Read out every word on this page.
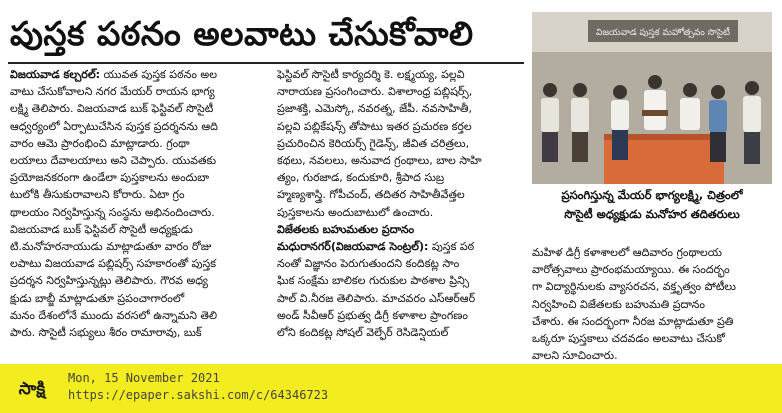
పుస్తక పఠనం అలవాటు చేసుకోవాలి
విజయవాడ కల్చరల్: యువత పుస్తక పఠనం అల
వాటు చేసుకోవాలని నగర మేయర్ రాయన భాగ్య
లక్ష్మి తెలిపారు. విజయవాడ బుక్ ఫెస్టివల్ సొసైటీ
ఆధ్వర్యంలో ఏర్పాటుచేసిన పుస్తక ప్రదర్శనను ఆది
వారం ఆమె ప్రారంభించి మాట్లాడారు. గ్రంథా
లయాలు దేవాలయాలు అని చెప్పారు. యువతకు
ప్రయోజనకరంగా ఉండేలా పుస్తకాలను అందుబా
టులోకి తీసుకురావాలని కోరారు. ఏటా గ్రం
థాలయం నిర్వహిస్తున్న సంస్థను అభినందించారు.
విజయవాడ బుక్ ఫెస్టివల్ సొసైటీ అధ్యక్షుడు
టి.మనోహరనాయుడు మాట్లాడుతూ వారం రోజు
లపాటు విజయవాడ పబ్లిషర్స్ సహకారంతో పుస్తక
ప్రదర్శన నిర్వహిస్తున్నట్లు తెలిపారు. గౌరవ అధ్య
క్షుడు బాబ్జీ మాట్లాడుతూ ప్రపంచాగారంలో
మనం దేశంలోనే ముందు వరసలో ఉన్నామని తెలి
పారు. సొసైటీ సభ్యులు శీరం రామారావు, బుక్
ఫెస్టివల్ సొసైటీ కార్యదర్శి కె. లక్ష్మయ్య, పల్లవి
నారాయణ ప్రసంగించారు. విశాలాంధ్ర పబ్లిషర్స్,
ప్రజాశక్తి, ఎమెస్కో, నవరత్న, జేపీ. నవసాహితీ,
పల్లవి పబ్లికేషన్స్ తోపాటు ఇతర ప్రచురణ కర్తల
ప్రచురించిన కెరియర్స్ గైడెన్స్, జీవిత చరిత్రలు,
కథలు, నవలలు, అనువాద గ్రంథాలు, బాల సాహి
త్యం, గురజాడ, కందుకూరి, శ్రీపాద సుబ్ర
హ్మణ్యశాస్త్రి. గోపీచంద్, తదితర సాహితీవేత్తల
పుస్తకాలను అందుబాటులో ఉంచారు.
విజేతలకు బహుమతుల ప్రదానం
మధురానగర్(విజయవాడ సెంట్రల్): పుస్తక పఠ
నంతో విజ్ఞానం పెరుగుతుందని కందికట్ల సాం
ఘిక సంక్షేమ బాలికల గురుకుల పాఠశాల ప్రిన్సి
పాల్ వి.నీరజ తెలిపారు. మాచవరం ఎస్ఆర్ఆర్
అండ్ సీవీఆర్ ప్రభుత్వ డిగ్రీ కళాశాల ప్రాంగణం
లోని కందికట్ల సోషల్ వెల్ఫేర్ రెసిడెన్షియల్
విజయవాడ పుస్తక మహోత్సవం సొసైటీ
ప్రసంగిస్తున్న మేయర్ భాగ్యలక్ష్మి, చిత్రంలో
సొసైటీ అధ్యక్షుడు మనోహర తదితరులు
మహిళ డిగ్రీ కళాశాలలో ఆదివారం గ్రంథాలయ
వారోత్సవాలు ప్రారంభమయ్యాయి. ఈ సందర్భం
గా విద్యార్థినులకు వ్యాసరచన, వక్తృత్వం పోటీలు
నిర్వహించి విజేతలకు బహుమతి ప్రదానం
చేశారు. ఈ సందర్భంగా నీరజ మాట్లాడుతూ ప్రతి
ఒక్కరూ పుస్తకాలు చదవడం అలవాటు చేసుకో
వాలని సూచించారు.
సాక్షి
Mon, 15 November 2021
https://epaper.sakshi.com/c/64346723
